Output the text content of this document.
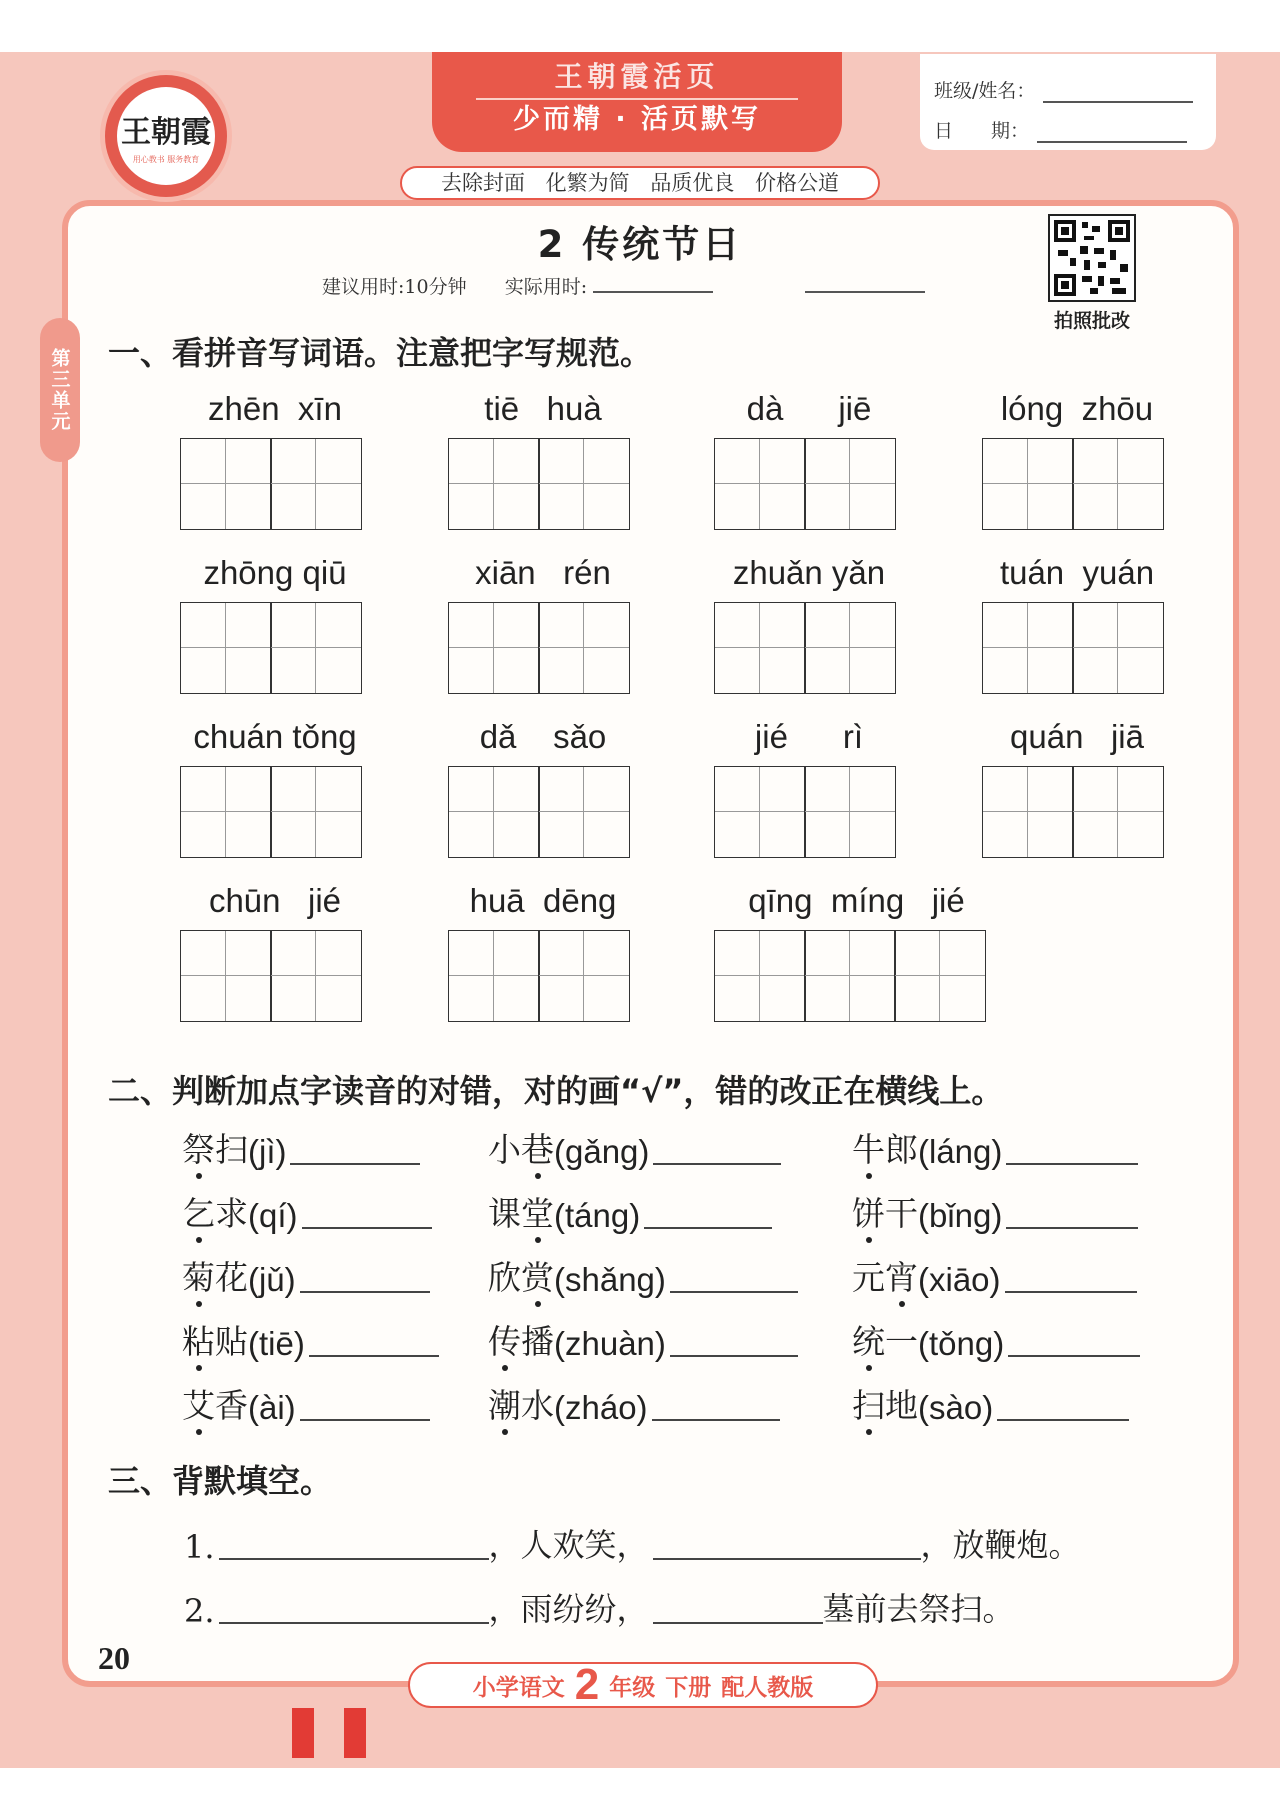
王朝霞
用心教书 服务教育
王朝霞活页
少而精 · 活页默写
去除封面 化繁为简 品质优良 价格公道
班级/姓名：
日　　期：
2 传统节日
建议用时:10分钟 实际用时:
拍照批改
第三单元 一、看拼音写词语。注意把字写规范。
zhēn  xīn	tiē   huà	dà      jiē	lóng  zhōu
zhōng qiū	xiān   rén	zhuǎn yǎn	tuán  yuán
chuán tǒng	dǎ    sǎo	jié      rì	quán   jiā
chūn   jié	huā  dēng	qīng  míng   jié
二、判断加点字读音的对错，对的画“√”，错的改正在横线上。
祭 扫 (jì)	小 巷 (gǎng)	牛 郎 (láng)
乞 求 (qí)	课 堂 (táng)	饼 干 (bǐng)
菊 花 (jǔ)	欣 赏 (shǎng)	元 宵 (xiāo)
粘 贴 (tiē)	传 播 (zhuàn)	统 一 (tǒng)
艾 香 (ài)	潮 水 (zháo)	扫 地 (sào)
三、背默填空。
1.	，人欢笑，	，放鞭炮。
2.	，雨纷纷，	墓前去祭扫。
20
小学语文 2 年级 下册 配人教版
